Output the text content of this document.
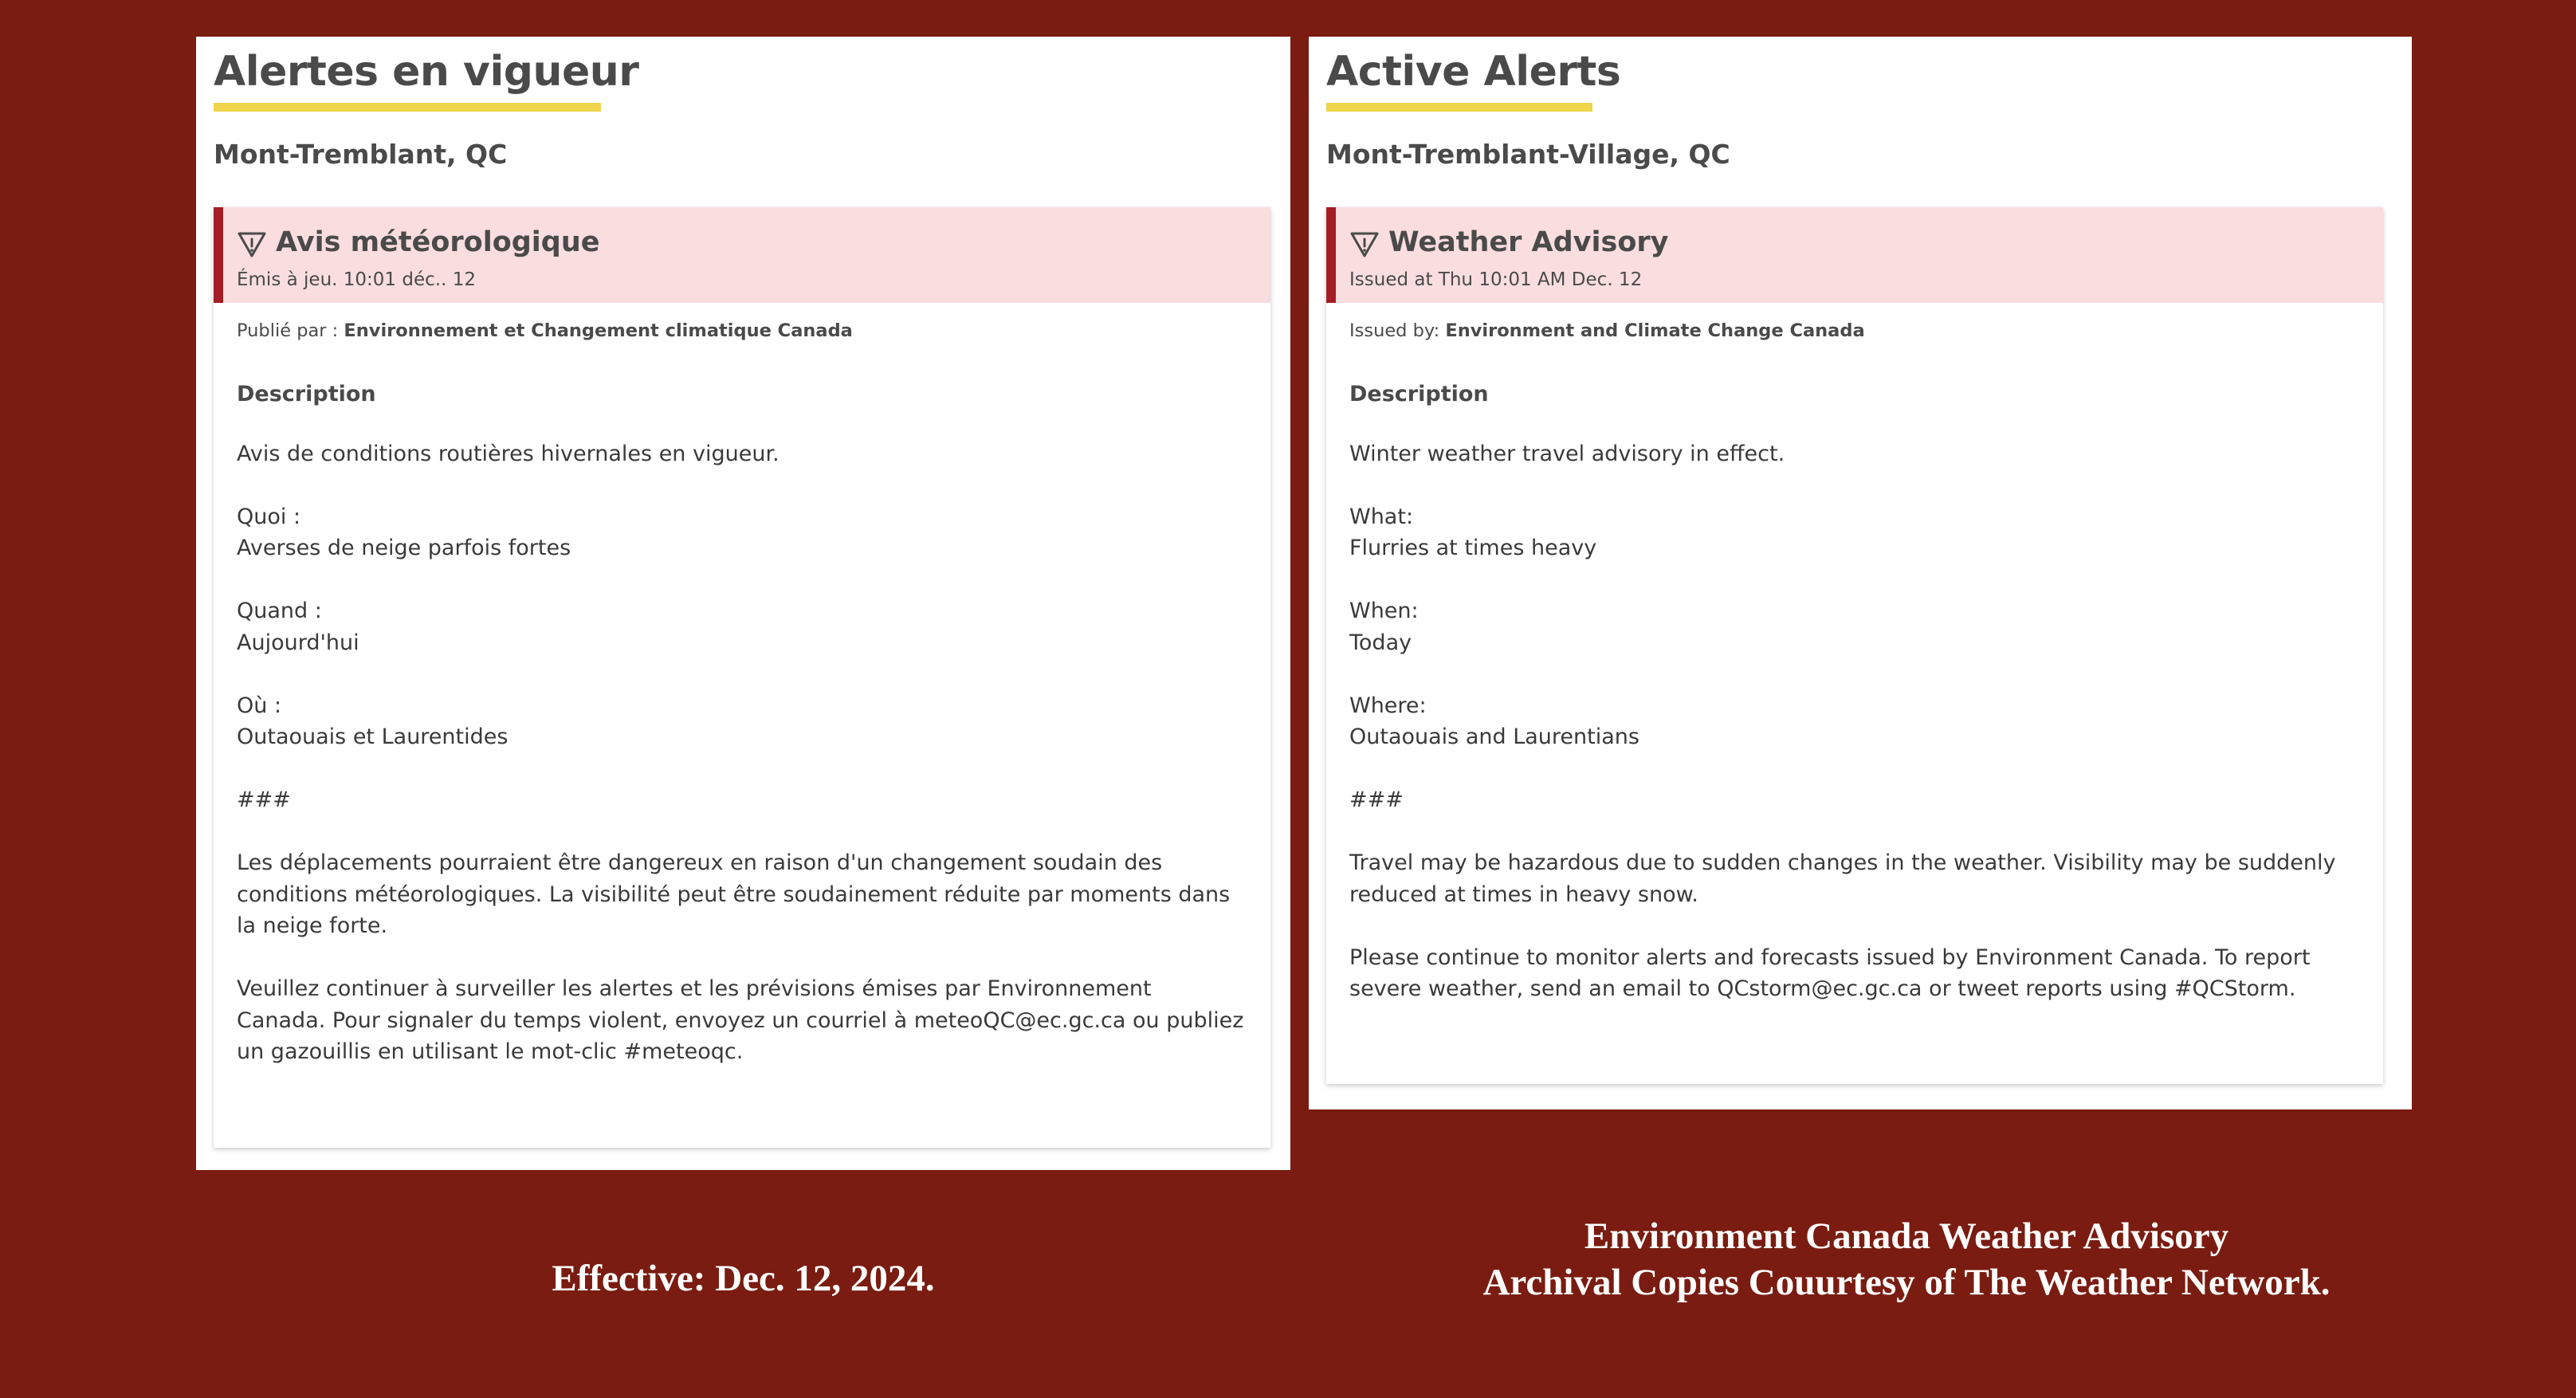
Alertes en vigueur
Mont-Tremblant, QC
Avis météorologique
Émis à jeu. 10:01 déc.. 12
Publié par : Environnement et Changement climatique Canada
Description
Avis de conditions routières hivernales en vigueur.
Quoi :
Averses de neige parfois fortes
Quand :
Aujourd'hui
Où :
Outaouais et Laurentides
###
Les déplacements pourraient être dangereux en raison d'un changement soudain des conditions météorologiques. La visibilité peut être soudainement réduite par moments dans la neige forte.
Veuillez continuer à surveiller les alertes et les prévisions émises par Environnement Canada. Pour signaler du temps violent, envoyez un courriel à meteoQC@ec.gc.ca ou publiez un gazouillis en utilisant le mot-clic #meteoqc.
Active Alerts
Mont-Tremblant-Village, QC
Weather Advisory
Issued at Thu 10:01 AM Dec. 12
Issued by: Environment and Climate Change Canada
Description
Winter weather travel advisory in effect.
What:
Flurries at times heavy
When:
Today
Where:
Outaouais and Laurentians
###
Travel may be hazardous due to sudden changes in the weather. Visibility may be suddenly reduced at times in heavy snow.
Please continue to monitor alerts and forecasts issued by Environment Canada. To report severe weather, send an email to QCstorm@ec.gc.ca or tweet reports using #QCStorm.
Effective: Dec. 12, 2024.
Environment Canada Weather Advisory
Archival Copies Couurtesy of The Weather Network.
